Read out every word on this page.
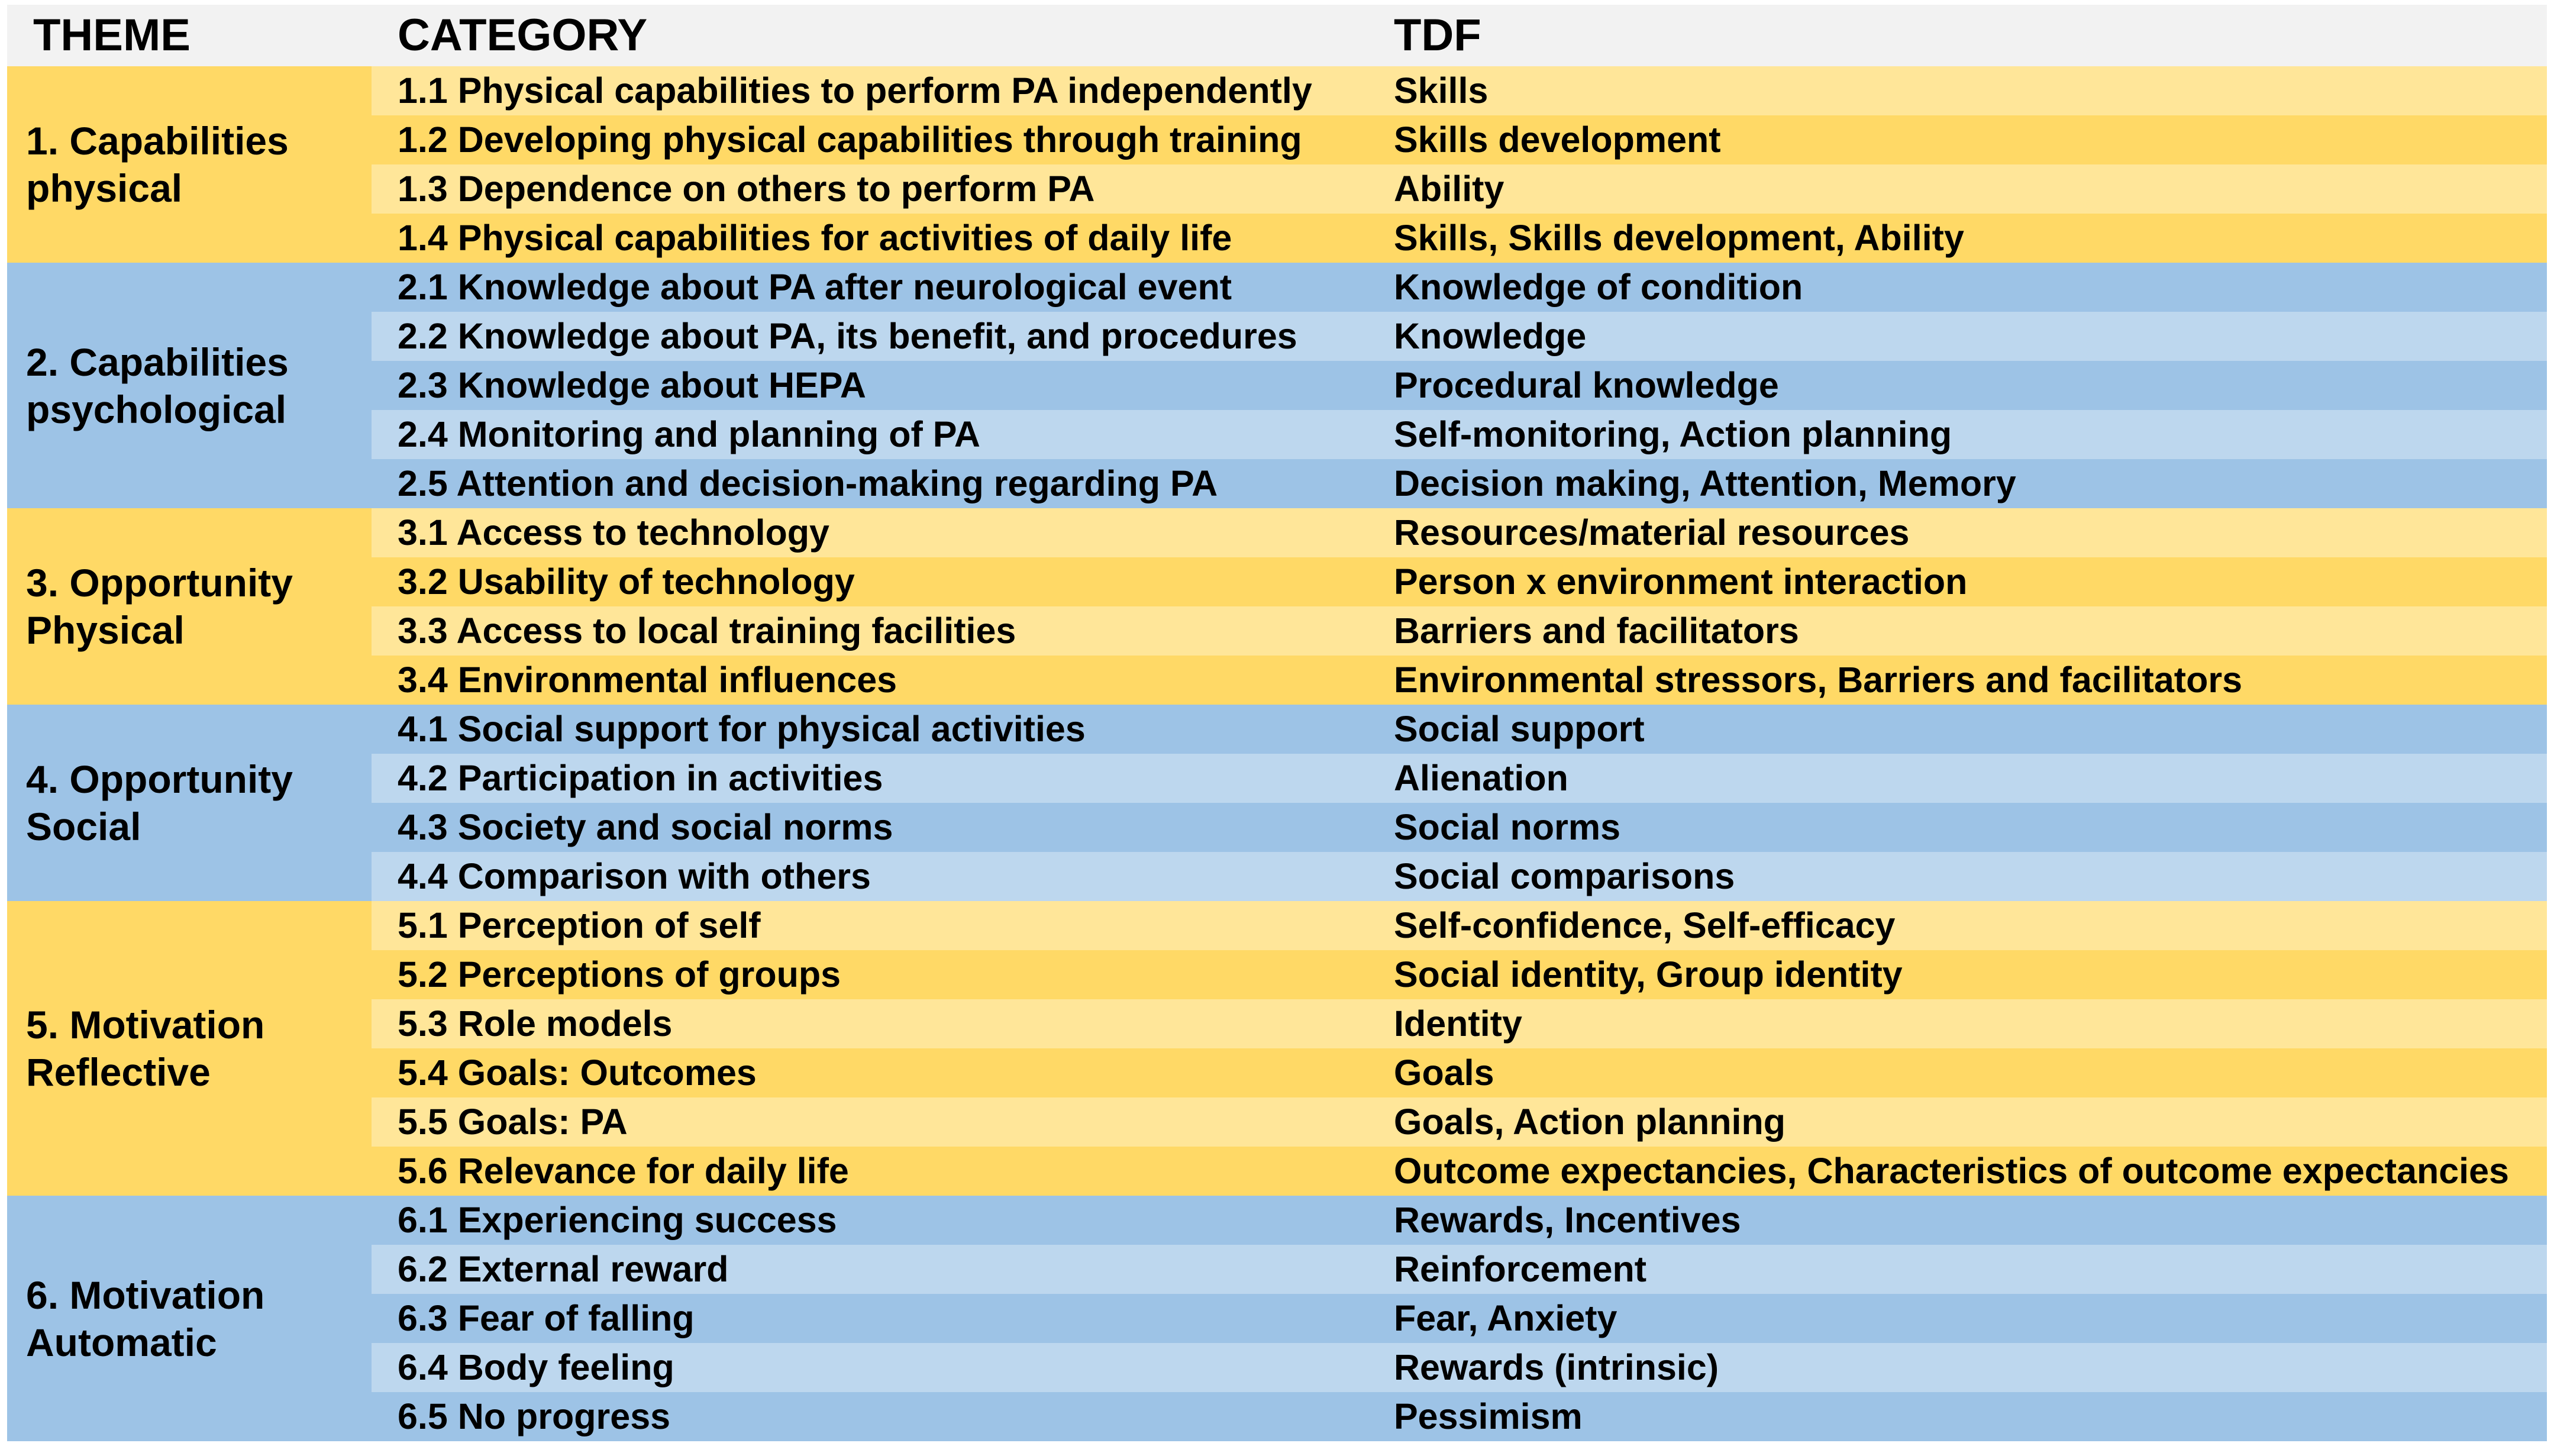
THEME	CATEGORY	TDF

1. Capabilities
physical	1.1 Physical capabilities to perform PA independently	Skills
	1.2 Developing physical capabilities through training	Skills development
	1.3 Dependence on others to perform PA	Ability
	1.4 Physical capabilities for activities of daily life	Skills, Skills development, Ability

2. Capabilities
psychological	2.1 Knowledge about PA after neurological event	Knowledge of condition
	2.2 Knowledge about PA, its benefit, and procedures	Knowledge
	2.3 Knowledge about HEPA	Procedural knowledge
	2.4 Monitoring and planning of PA	Self-monitoring, Action planning
	2.5 Attention and decision-making regarding PA	Decision making, Attention, Memory

3. Opportunity
Physical	3.1 Access to technology	Resources/material resources
	3.2 Usability of technology	Person x environment interaction
	3.3 Access to local training facilities	Barriers and facilitators
	3.4 Environmental influences	Environmental stressors, Barriers and facilitators

4. Opportunity
Social	4.1 Social support for physical activities	Social support
	4.2 Participation in activities	Alienation
	4.3 Society and social norms	Social norms
	4.4 Comparison with others	Social comparisons

5. Motivation
Reflective	5.1 Perception of self	Self-confidence, Self-efficacy
	5.2 Perceptions of groups	Social identity, Group identity
	5.3 Role models	Identity
	5.4 Goals: Outcomes	Goals
	5.5 Goals: PA	Goals, Action planning
	5.6 Relevance for daily life	Outcome expectancies, Characteristics of outcome expectancies

6. Motivation
Automatic	6.1 Experiencing success	Rewards, Incentives
	6.2 External reward	Reinforcement
	6.3 Fear of falling	Fear, Anxiety
	6.4 Body feeling	Rewards (intrinsic)
	6.5 No progress	Pessimism
